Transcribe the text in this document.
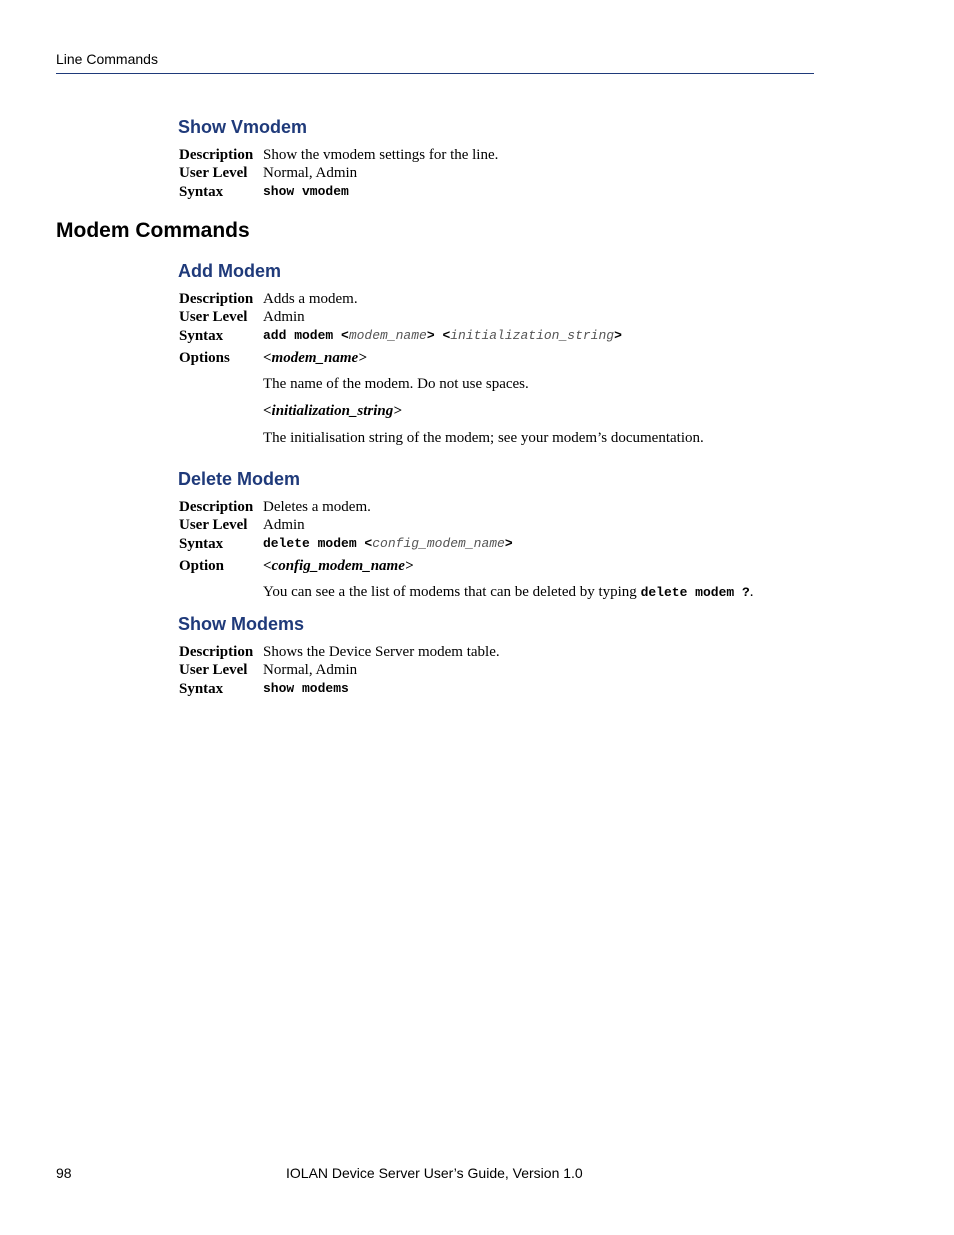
Line Commands
Show Vmodem
Description Show the vmodem settings for the line.
User Level Normal, Admin
Syntax	show vmodem
Modem Commands
Add Modem
Description Adds a modem.
User Level Admin
Syntax	add modem <modem_name> <initialization_string>
Options <modem_name>
The name of the modem. Do not use spaces.
<initialization_string>
The initialisation string of the modem; see your modem’s documentation.
Delete Modem
Description Deletes a modem.
User Level Admin
Syntax	delete modem <config_modem_name>
Option	<config_modem_name>
You can see a the list of modems that can be deleted by typing delete modem ?.
Show Modems
Description Shows the Device Server modem table.
User Level Normal, Admin
Syntax	show modems
98	IOLAN Device Server User’s Guide, Version 1.0
